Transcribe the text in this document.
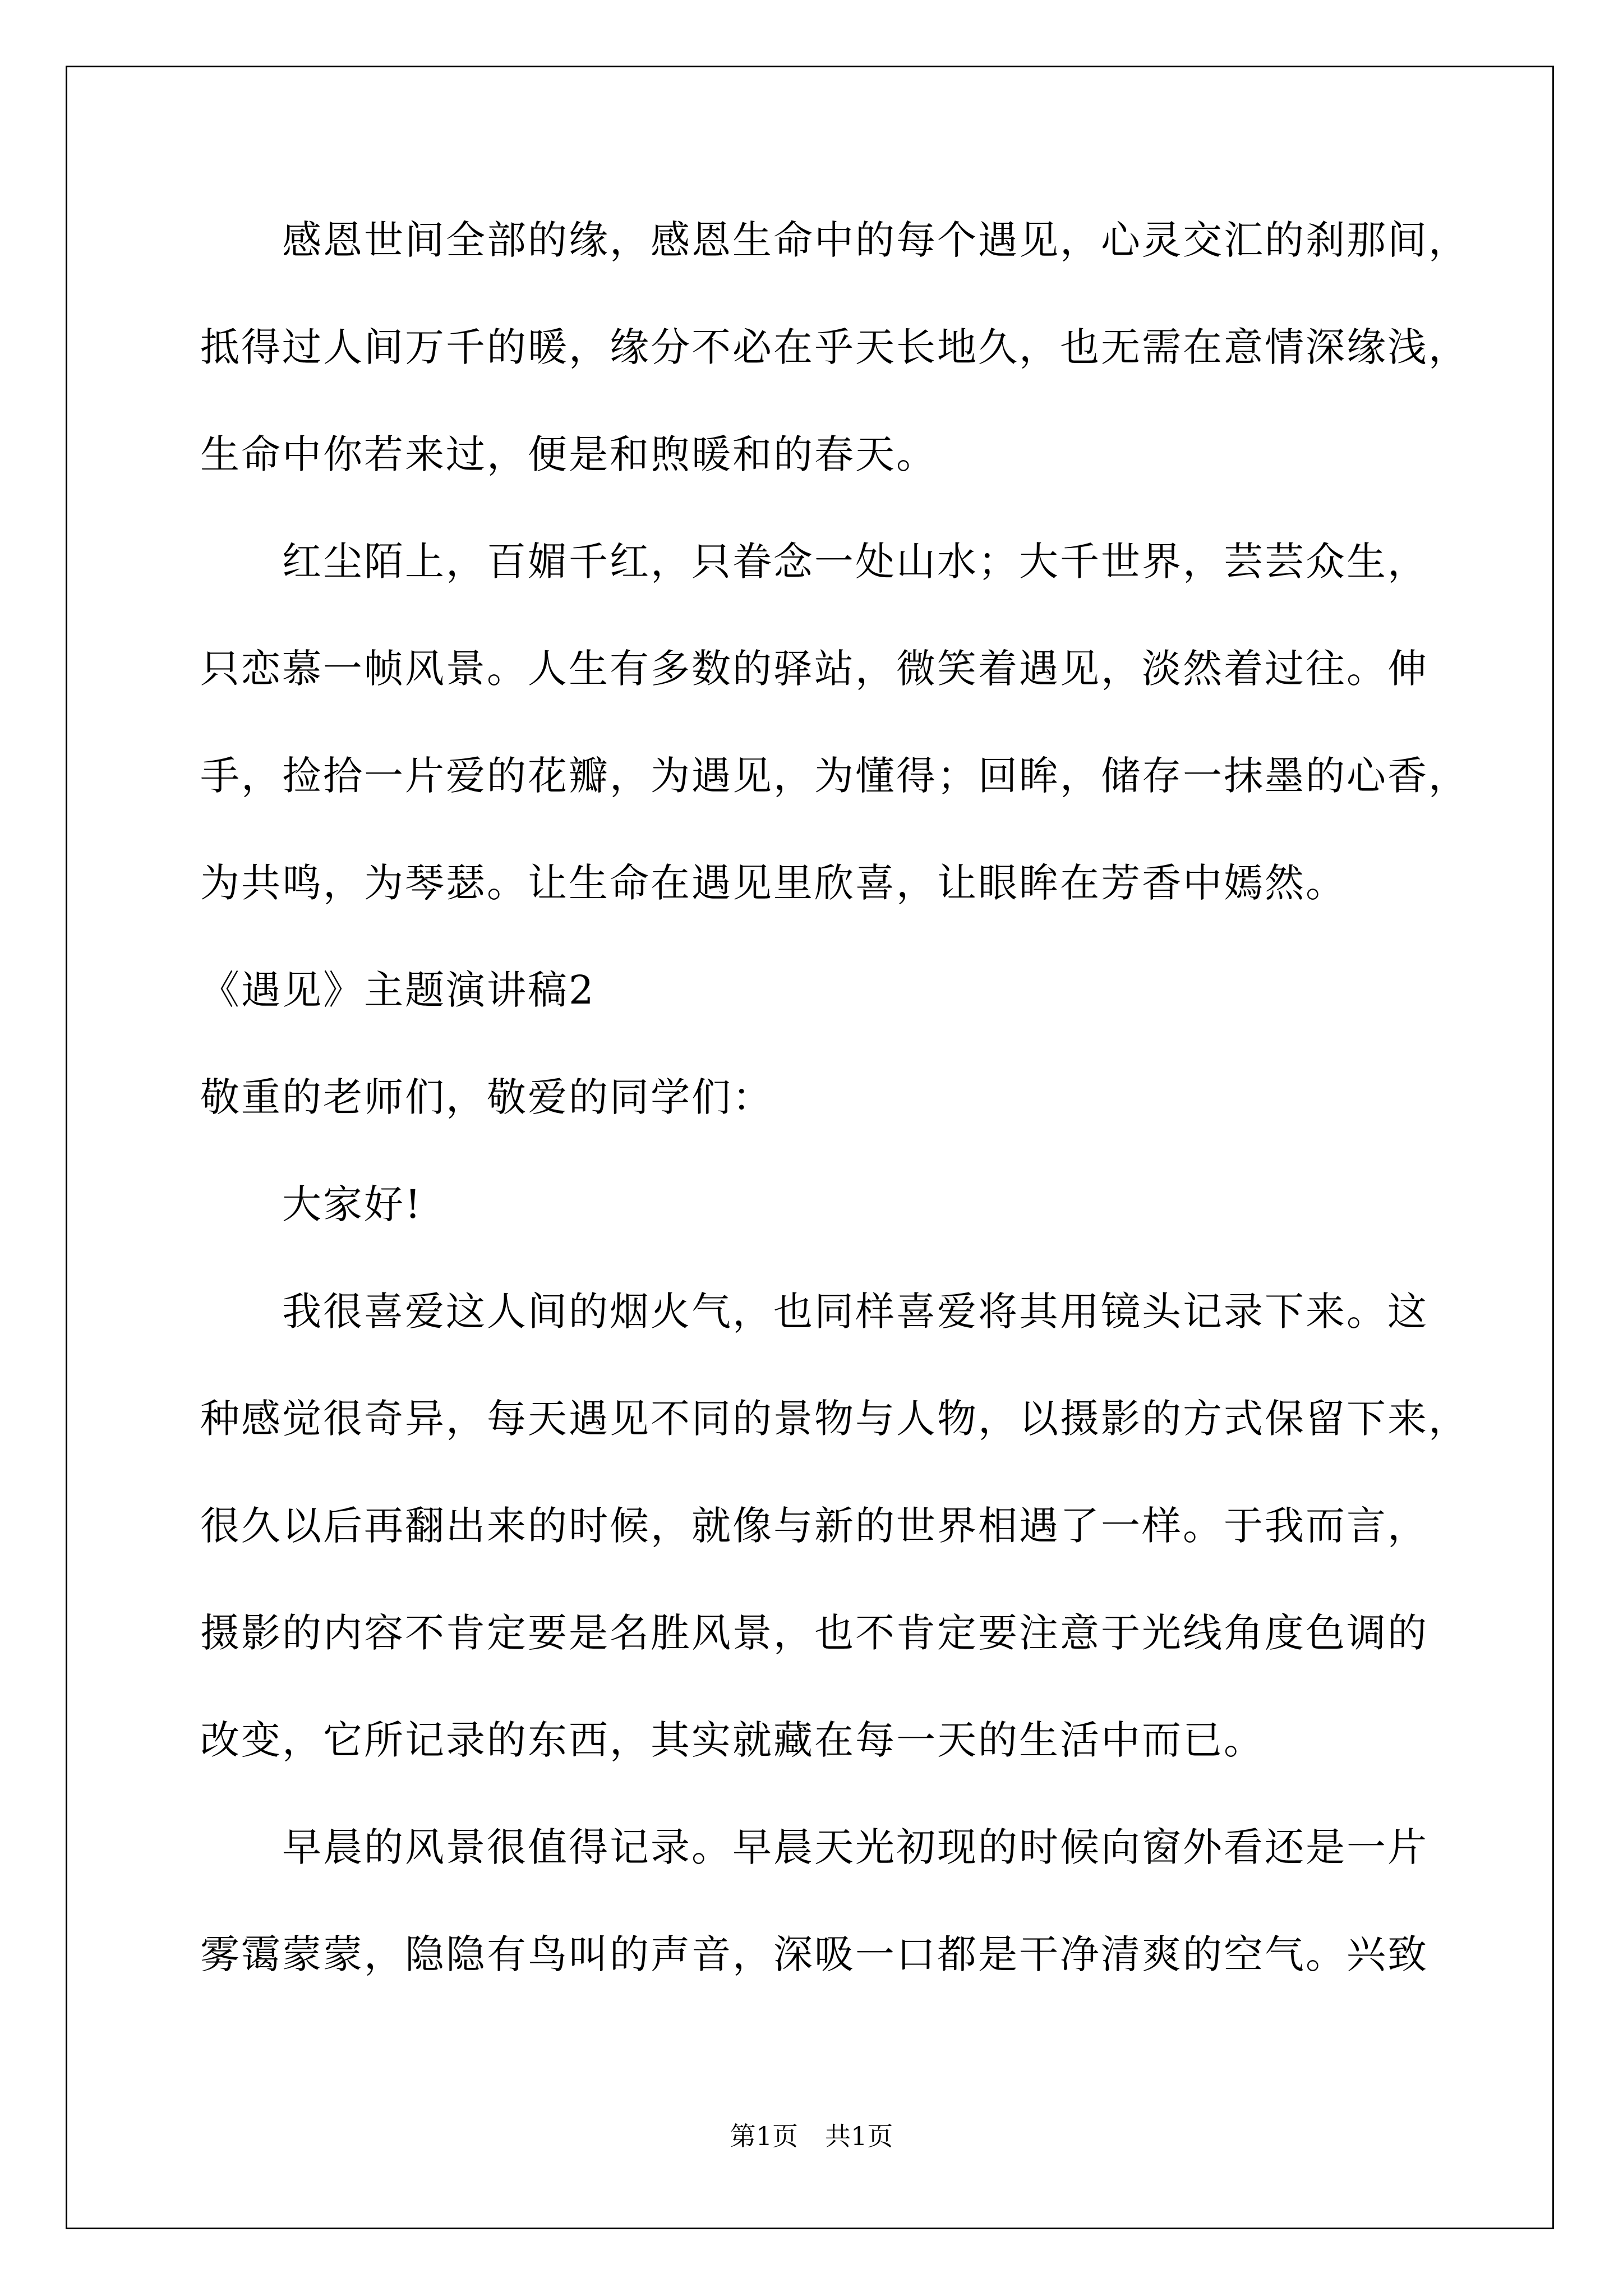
感恩世间全部的缘，感恩生命中的每个遇见，心灵交汇的刹那间，
抵得过人间万千的暖，缘分不必在乎天长地久，也无需在意情深缘浅，
生命中你若来过，便是和煦暖和的春天。
红尘陌上，百媚千红，只眷念一处山水；大千世界，芸芸众生，
只恋慕一帧风景。人生有多数的驿站，微笑着遇见，淡然着过往。伸
手，捡拾一片爱的花瓣，为遇见，为懂得；回眸，储存一抹墨的心香，
为共鸣，为琴瑟。让生命在遇见里欣喜，让眼眸在芳香中嫣然。
《遇见》主题演讲稿2
敬重的老师们，敬爱的同学们：
大家好!
我很喜爱这人间的烟火气，也同样喜爱将其用镜头记录下来。这
种感觉很奇异，每天遇见不同的景物与人物，以摄影的方式保留下来，
很久以后再翻出来的时候，就像与新的世界相遇了一样。于我而言，
摄影的内容不肯定要是名胜风景，也不肯定要注意于光线角度色调的
改变，它所记录的东西，其实就藏在每一天的生活中而已。
早晨的风景很值得记录。早晨天光初现的时候向窗外看还是一片
雾霭蒙蒙，隐隐有鸟叫的声音，深吸一口都是干净清爽的空气。兴致
第1页 共1页
